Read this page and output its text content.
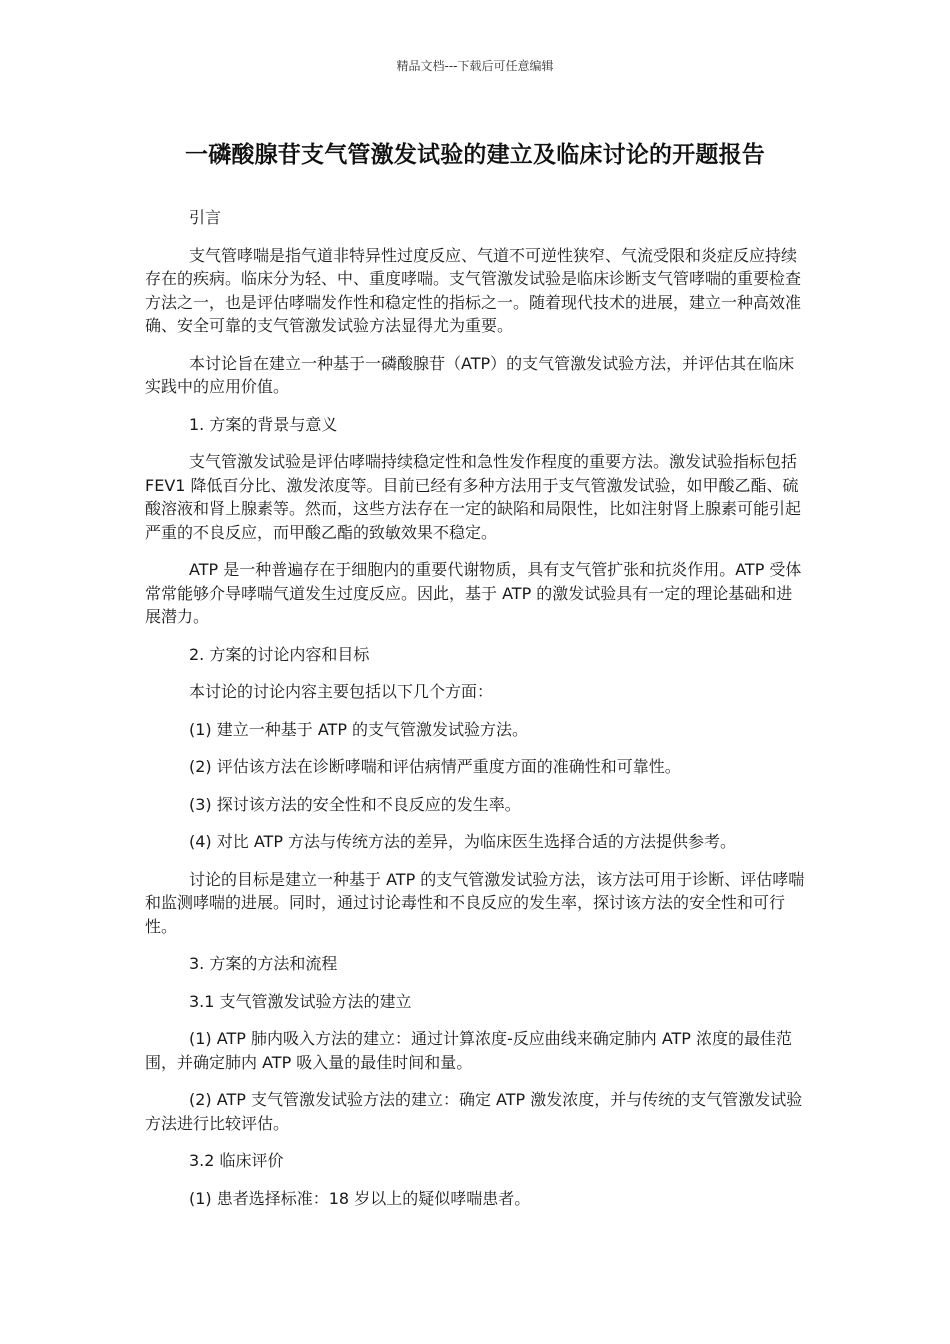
精品文档---下载后可任意编辑
一磷酸腺苷支气管激发试验的建立及临床讨论的开题报告

引言

支气管哮喘是指气道非特异性过度反应、气道不可逆性狭窄、气流受限和炎症反应持续存在的疾病。临床分为轻、中、重度哮喘。支气管激发试验是临床诊断支气管哮喘的重要检查方法之一，也是评估哮喘发作性和稳定性的指标之一。随着现代技术的进展，建立一种高效准确、安全可靠的支气管激发试验方法显得尤为重要。

本讨论旨在建立一种基于一磷酸腺苷（ATP）的支气管激发试验方法，并评估其在临床实践中的应用价值。

1. 方案的背景与意义

支气管激发试验是评估哮喘持续稳定性和急性发作程度的重要方法。激发试验指标包括 FEV1 降低百分比、激发浓度等。目前已经有多种方法用于支气管激发试验，如甲酸乙酯、硫酸溶液和肾上腺素等。然而，这些方法存在一定的缺陷和局限性，比如注射肾上腺素可能引起严重的不良反应，而甲酸乙酯的致敏效果不稳定。

ATP 是一种普遍存在于细胞内的重要代谢物质，具有支气管扩张和抗炎作用。ATP 受体常常能够介导哮喘气道发生过度反应。因此，基于 ATP 的激发试验具有一定的理论基础和进展潜力。

2. 方案的讨论内容和目标

本讨论的讨论内容主要包括以下几个方面：

(1) 建立一种基于 ATP 的支气管激发试验方法。

(2) 评估该方法在诊断哮喘和评估病情严重度方面的准确性和可靠性。

(3) 探讨该方法的安全性和不良反应的发生率。

(4) 对比 ATP 方法与传统方法的差异，为临床医生选择合适的方法提供参考。

讨论的目标是建立一种基于 ATP 的支气管激发试验方法，该方法可用于诊断、评估哮喘和监测哮喘的进展。同时，通过讨论毒性和不良反应的发生率，探讨该方法的安全性和可行性。

3. 方案的方法和流程

3.1 支气管激发试验方法的建立

(1) ATP 肺内吸入方法的建立：通过计算浓度-反应曲线来确定肺内 ATP 浓度的最佳范围，并确定肺内 ATP 吸入量的最佳时间和量。

(2) ATP 支气管激发试验方法的建立：确定 ATP 激发浓度，并与传统的支气管激发试验方法进行比较评估。

3.2 临床评价

(1) 患者选择标准：18 岁以上的疑似哮喘患者。
